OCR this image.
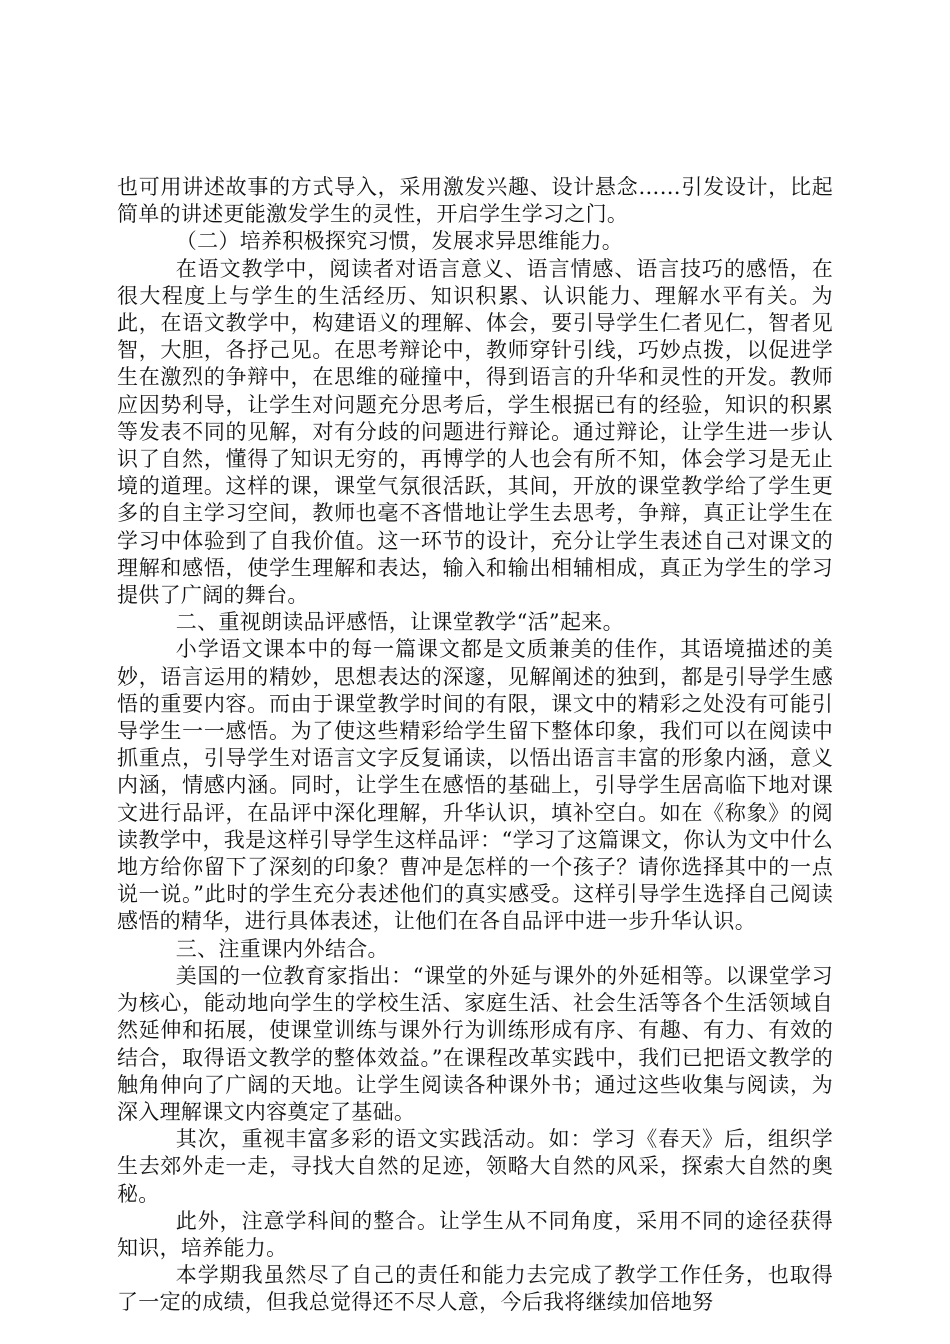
也可用讲述故事的方式导入，采用激发兴趣、设计悬念……引发设计，比起简单的讲述更能激发学生的灵性，开启学生学习之门。

（二）培养积极探究习惯，发展求异思维能力。

在语文教学中，阅读者对语言意义、语言情感、语言技巧的感悟，在很大程度上与学生的生活经历、知识积累、认识能力、理解水平有关。为此，在语文教学中，构建语义的理解、体会，要引导学生仁者见仁，智者见智，大胆，各抒己见。在思考辩论中，教师穿针引线，巧妙点拨，以促进学生在激烈的争辩中，在思维的碰撞中，得到语言的升华和灵性的开发。教师应因势利导，让学生对问题充分思考后，学生根据已有的经验，知识的积累等发表不同的见解，对有分歧的问题进行辩论。通过辩论，让学生进一步认识了自然，懂得了知识无穷的，再博学的人也会有所不知，体会学习是无止境的道理。这样的课，课堂气氛很活跃，其间，开放的课堂教学给了学生更多的自主学习空间，教师也毫不吝惜地让学生去思考，争辩，真正让学生在学习中体验到了自我价值。这一环节的设计，充分让学生表述自己对课文的理解和感悟，使学生理解和表达，输入和输出相辅相成，真正为学生的学习提供了广阔的舞台。

二、重视朗读品评感悟，让课堂教学“活”起来。

小学语文课本中的每一篇课文都是文质兼美的佳作，其语境描述的美妙，语言运用的精妙，思想表达的深邃，见解阐述的独到，都是引导学生感悟的重要内容。而由于课堂教学时间的有限，课文中的精彩之处没有可能引导学生一一感悟。为了使这些精彩给学生留下整体印象，我们可以在阅读中抓重点，引导学生对语言文字反复诵读，以悟出语言丰富的形象内涵，意义内涵，情感内涵。同时，让学生在感悟的基础上，引导学生居高临下地对课文进行品评，在品评中深化理解，升华认识，填补空白。如在《称象》的阅读教学中，我是这样引导学生这样品评：“学习了这篇课文，你认为文中什么地方给你留下了深刻的印象？曹冲是怎样的一个孩子？请你选择其中的一点说一说。”此时的学生充分表述他们的真实感受。这样引导学生选择自己阅读感悟的精华，进行具体表述，让他们在各自品评中进一步升华认识。

三、注重课内外结合。

美国的一位教育家指出：“课堂的外延与课外的外延相等。以课堂学习为核心，能动地向学生的学校生活、家庭生活、社会生活等各个生活领域自然延伸和拓展，使课堂训练与课外行为训练形成有序、有趣、有力、有效的结合，取得语文教学的整体效益。”在课程改革实践中，我们已把语文教学的触角伸向了广阔的天地。让学生阅读各种课外书；通过这些收集与阅读，为深入理解课文内容奠定了基础。

其次，重视丰富多彩的语文实践活动。如：学习《春天》后，组织学生去郊外走一走，寻找大自然的足迹，领略大自然的风采，探索大自然的奥秘。

此外，注意学科间的整合。让学生从不同角度，采用不同的途径获得知识，培养能力。

本学期我虽然尽了自己的责任和能力去完成了教学工作任务，也取得了一定的成绩，但我总觉得还不尽人意，今后我将继续加倍地努
